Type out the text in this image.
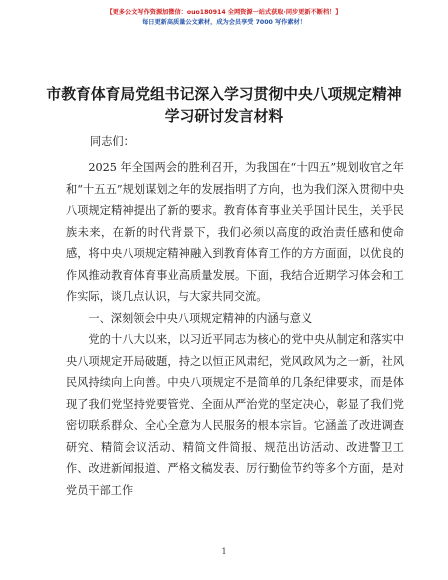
【更多公文写作资源加微信：ouo180914 全网资源一站式获取·同步更新不断档！】
每日更新高质量公文素材，成为会员享受 7000 写作素材！
市教育体育局党组书记深入学习贯彻中央八项规定精神学习研讨发言材料
同志们：

2025 年全国两会的胜利召开，为我国在“十四五”规划收官之年和“十五五”规划谋划之年的发展指明了方向，也为我们深入贯彻中央八项规定精神提出了新的要求。教育体育事业关乎国计民生，关乎民族未来，在新的时代背景下，我们必须以高度的政治责任感和使命感，将中央八项规定精神融入到教育体育工作的方方面面，以优良的作风推动教育体育事业高质量发展。下面，我结合近期学习体会和工作实际，谈几点认识，与大家共同交流。

一、深刻领会中央八项规定精神的内涵与意义

党的十八大以来，以习近平同志为核心的党中央从制定和落实中央八项规定开局破题，持之以恒正风肃纪，党风政风为之一新，社风民风持续向上向善。中央八项规定不是简单的几条纪律要求，而是体现了我们党坚持党要管党、全面从严治党的坚定决心，彰显了我们党密切联系群众、全心全意为人民服务的根本宗旨。它涵盖了改进调查研究、精简会议活动、精简文件简报、规范出访活动、改进警卫工作、改进新闻报道、严格文稿发表、厉行勤俭节约等多个方面，是对党员干部工作

1
